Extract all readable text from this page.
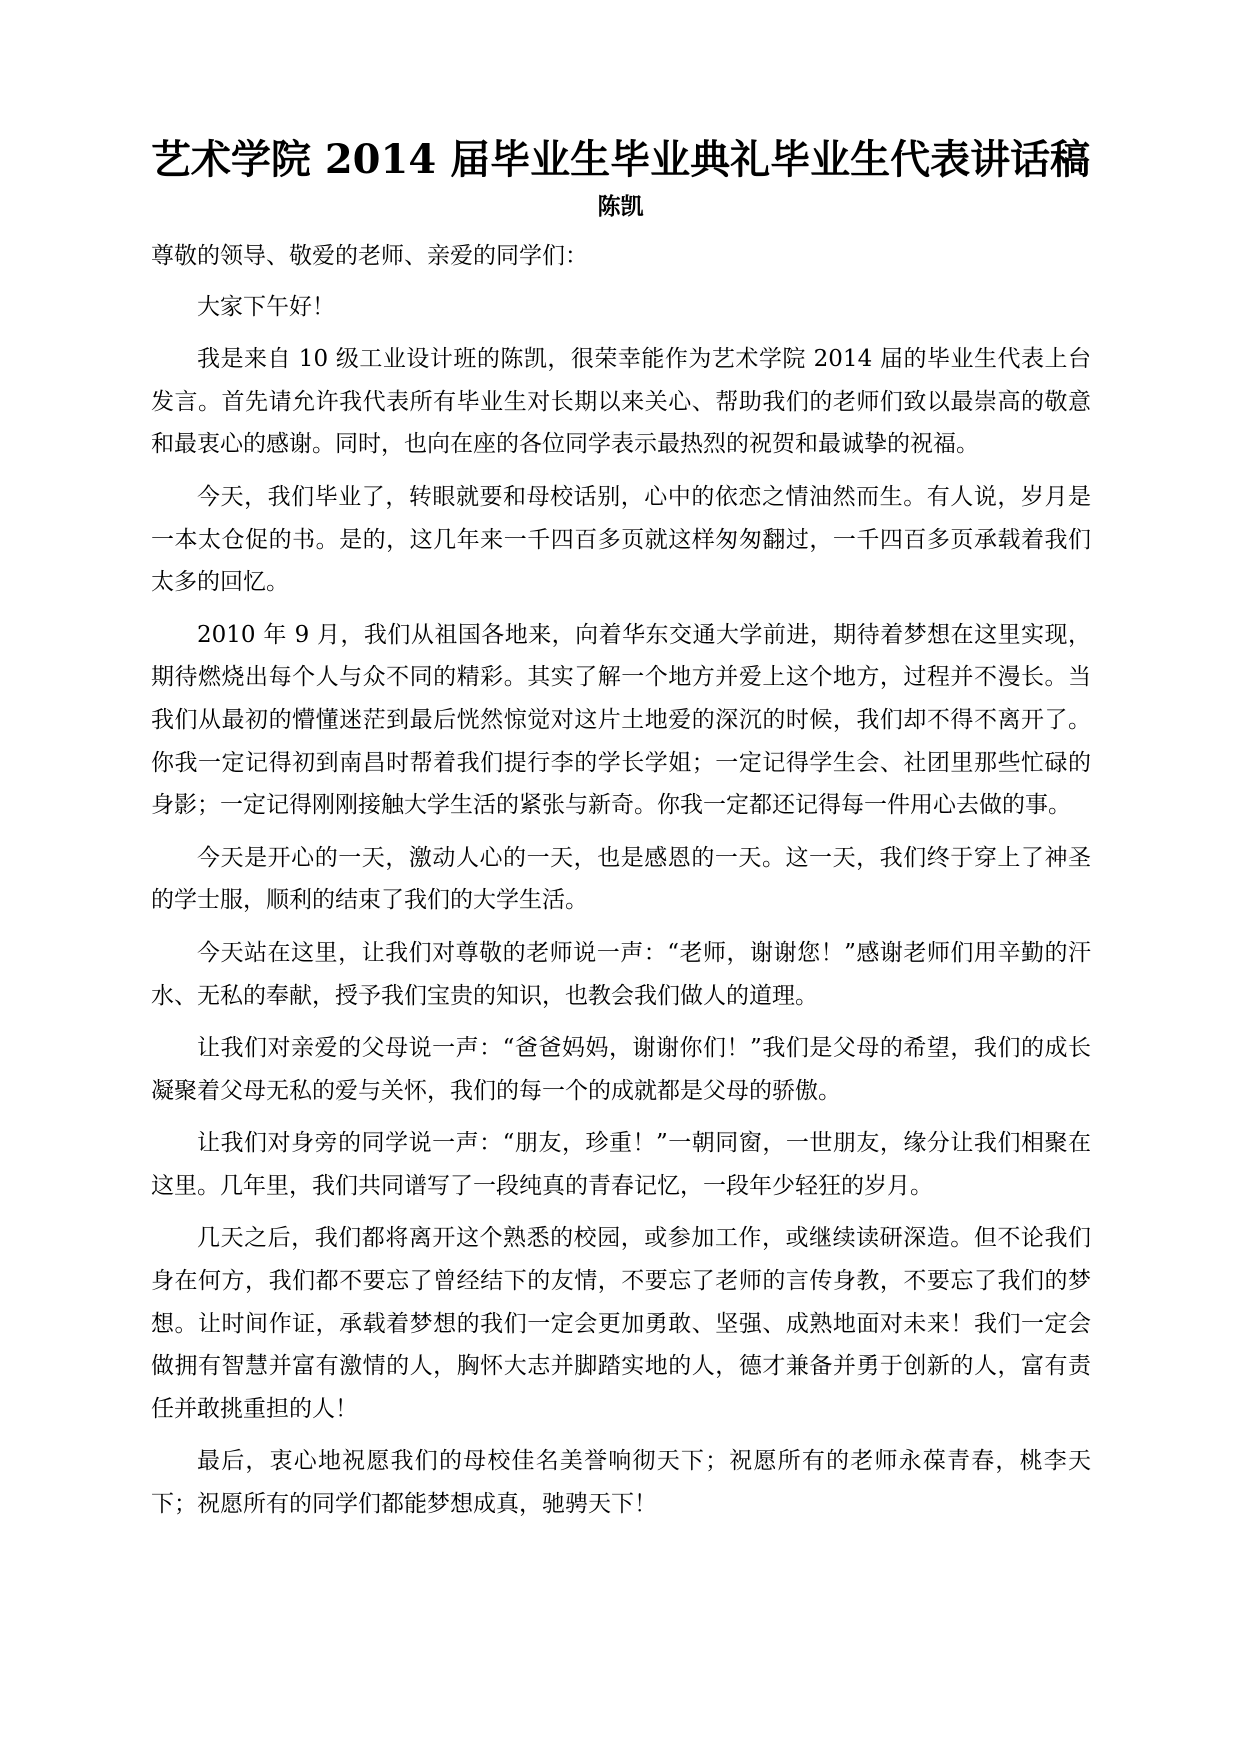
艺术学院 2014 届毕业生毕业典礼毕业生代表讲话稿
陈凯

尊敬的领导、敬爱的老师、亲爱的同学们：

大家下午好！

我是来自 10 级工业设计班的陈凯，很荣幸能作为艺术学院 2014 届的毕业生代表上台发言。首先请允许我代表所有毕业生对长期以来关心、帮助我们的老师们致以最崇高的敬意和最衷心的感谢。同时，也向在座的各位同学表示最热烈的祝贺和最诚挚的祝福。

今天，我们毕业了，转眼就要和母校话别，心中的依恋之情油然而生。有人说，岁月是一本太仓促的书。是的，这几年来一千四百多页就这样匆匆翻过，一千四百多页承载着我们太多的回忆。

2010 年 9 月，我们从祖国各地来，向着华东交通大学前进，期待着梦想在这里实现，期待燃烧出每个人与众不同的精彩。其实了解一个地方并爱上这个地方，过程并不漫长。当我们从最初的懵懂迷茫到最后恍然惊觉对这片土地爱的深沉的时候，我们却不得不离开了。你我一定记得初到南昌时帮着我们提行李的学长学姐；一定记得学生会、社团里那些忙碌的身影；一定记得刚刚接触大学生活的紧张与新奇。你我一定都还记得每一件用心去做的事。

今天是开心的一天，激动人心的一天，也是感恩的一天。这一天，我们终于穿上了神圣的学士服，顺利的结束了我们的大学生活。

今天站在这里，让我们对尊敬的老师说一声：“老师，谢谢您！”感谢老师们用辛勤的汗水、无私的奉献，授予我们宝贵的知识，也教会我们做人的道理。

让我们对亲爱的父母说一声：“爸爸妈妈，谢谢你们！”我们是父母的希望，我们的成长凝聚着父母无私的爱与关怀，我们的每一个的成就都是父母的骄傲。

让我们对身旁的同学说一声：“朋友，珍重！”一朝同窗，一世朋友，缘分让我们相聚在这里。几年里，我们共同谱写了一段纯真的青春记忆，一段年少轻狂的岁月。

几天之后，我们都将离开这个熟悉的校园，或参加工作，或继续读研深造。但不论我们身在何方，我们都不要忘了曾经结下的友情，不要忘了老师的言传身教，不要忘了我们的梦想。让时间作证，承载着梦想的我们一定会更加勇敢、坚强、成熟地面对未来！我们一定会做拥有智慧并富有激情的人，胸怀大志并脚踏实地的人，德才兼备并勇于创新的人，富有责任并敢挑重担的人！

最后，衷心地祝愿我们的母校佳名美誉响彻天下；祝愿所有的老师永葆青春，桃李天下；祝愿所有的同学们都能梦想成真，驰骋天下！
